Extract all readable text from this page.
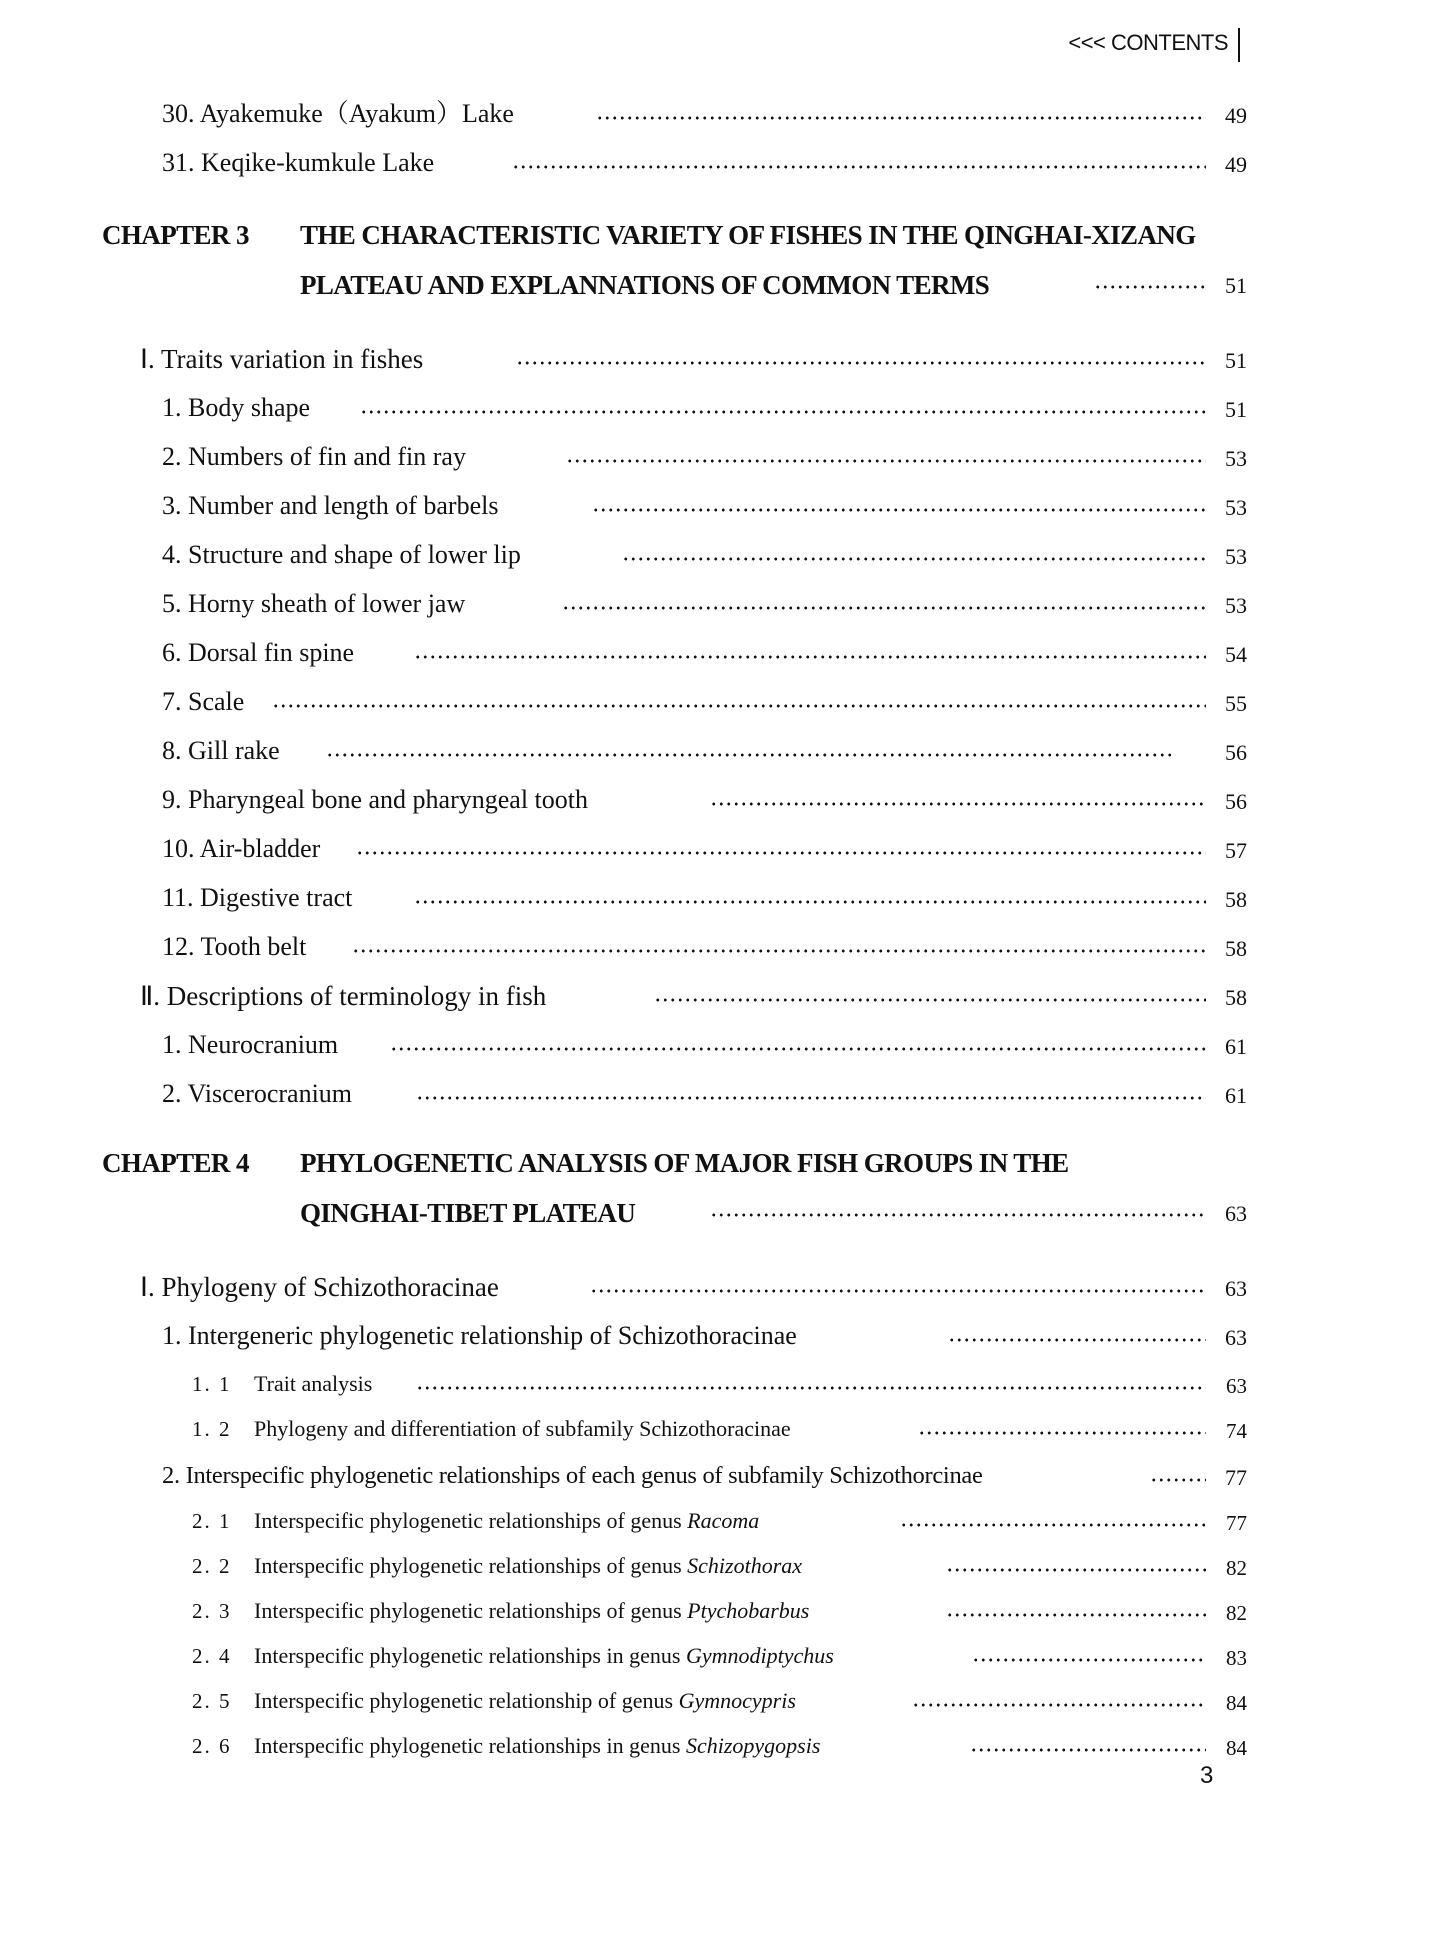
<<< CONTENTS
30. Ayakemuke（Ayakum）Lake	49
31. Keqike-kumkule Lake	49
CHAPTER 3 THE CHARACTERISTIC VARIETY OF FISHES IN THE QINGHAI-XIZANG
PLATEAU AND EXPLANNATIONS OF COMMON TERMS	51
Ⅰ. Traits variation in fishes	51
1. Body shape	51
2. Numbers of fin and fin ray	53
3. Number and length of barbels	53
4. Structure and shape of lower lip	53
5. Horny sheath of lower jaw	53
6. Dorsal fin spine	54
7. Scale	55
8. Gill rake	56
9. Pharyngeal bone and pharyngeal tooth	56
10. Air-bladder	57
11. Digestive tract	58
12. Tooth belt	58
Ⅱ. Descriptions of terminology in fish	58
1. Neurocranium	61
2. Viscerocranium	61
CHAPTER 4 PHYLOGENETIC ANALYSIS OF MAJOR FISH GROUPS IN THE
QINGHAI-TIBET PLATEAU	63
Ⅰ. Phylogeny of Schizothoracinae	63
1. Intergeneric phylogenetic relationship of Schizothoracinae	63
1. 1 Trait analysis	63
1. 2 Phylogeny and differentiation of subfamily Schizothoracinae	74
2. Interspecific phylogenetic relationships of each genus of subfamily Schizothorcinae	77
2. 1 Interspecific phylogenetic relationships of genus Racoma	77
2. 2 Interspecific phylogenetic relationships of genus Schizothorax	82
2. 3 Interspecific phylogenetic relationships of genus Ptychobarbus	82
2. 4 Interspecific phylogenetic relationships in genus Gymnodiptychus	83
2. 5 Interspecific phylogenetic relationship of genus Gymnocypris	84
2. 6 Interspecific phylogenetic relationships in genus Schizopygopsis	84
3
